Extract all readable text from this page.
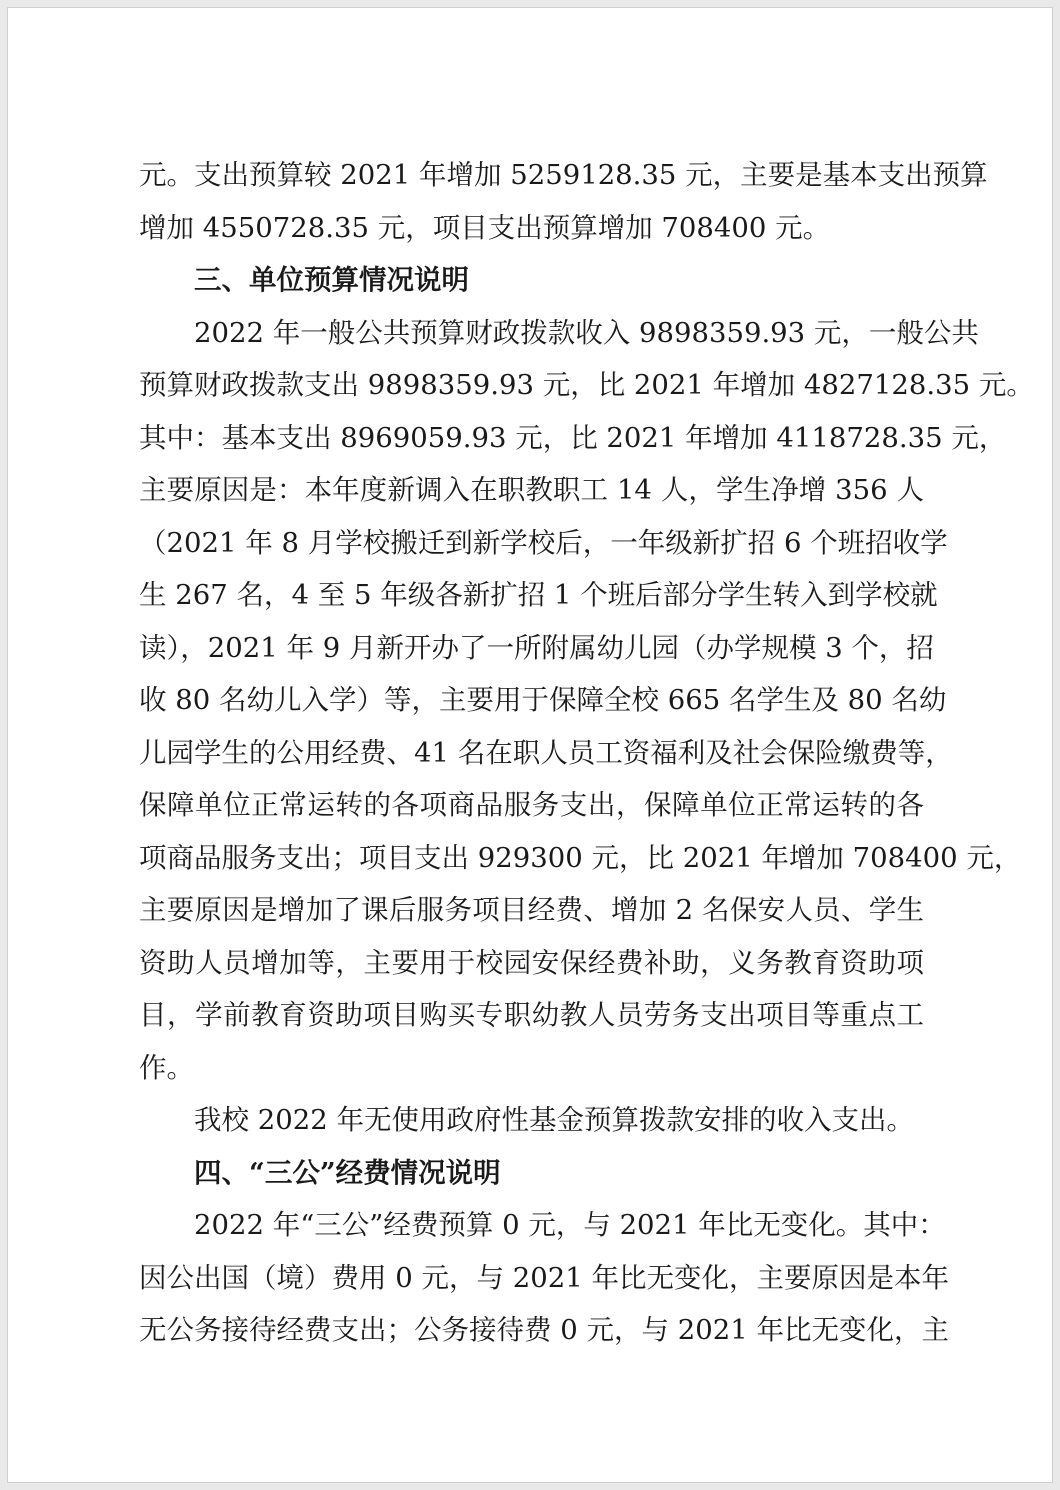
元。支出预算较 2021 年增加 5259128.35 元，主要是基本支出预算
增加 4550728.35 元，项目支出预算增加 708400 元。
三、单位预算情况说明
2022 年一般公共预算财政拨款收入 9898359.93 元，一般公共
预算财政拨款支出 9898359.93 元，比 2021 年增加 4827128.35 元。
其中：基本支出 8969059.93 元，比 2021 年增加 4118728.35 元，
主要原因是：本年度新调入在职教职工 14 人，学生净增 356 人
（2021 年 8 月学校搬迁到新学校后，一年级新扩招 6 个班招收学
生 267 名，4 至 5 年级各新扩招 1 个班后部分学生转入到学校就
读），2021 年 9 月新开办了一所附属幼儿园（办学规模 3 个，招
收 80 名幼儿入学）等，主要用于保障全校 665 名学生及 80 名幼
儿园学生的公用经费、41 名在职人员工资福利及社会保险缴费等，
保障单位正常运转的各项商品服务支出，保障单位正常运转的各
项商品服务支出；项目支出 929300 元，比 2021 年增加 708400 元，
主要原因是增加了课后服务项目经费、增加 2 名保安人员、学生
资助人员增加等，主要用于校园安保经费补助，义务教育资助项
目，学前教育资助项目购买专职幼教人员劳务支出项目等重点工
作。
我校 2022 年无使用政府性基金预算拨款安排的收入支出。
四、“三公”经费情况说明
2022 年“三公”经费预算 0 元，与 2021 年比无变化。其中：
因公出国（境）费用 0 元，与 2021 年比无变化，主要原因是本年
无公务接待经费支出；公务接待费 0 元，与 2021 年比无变化，主
